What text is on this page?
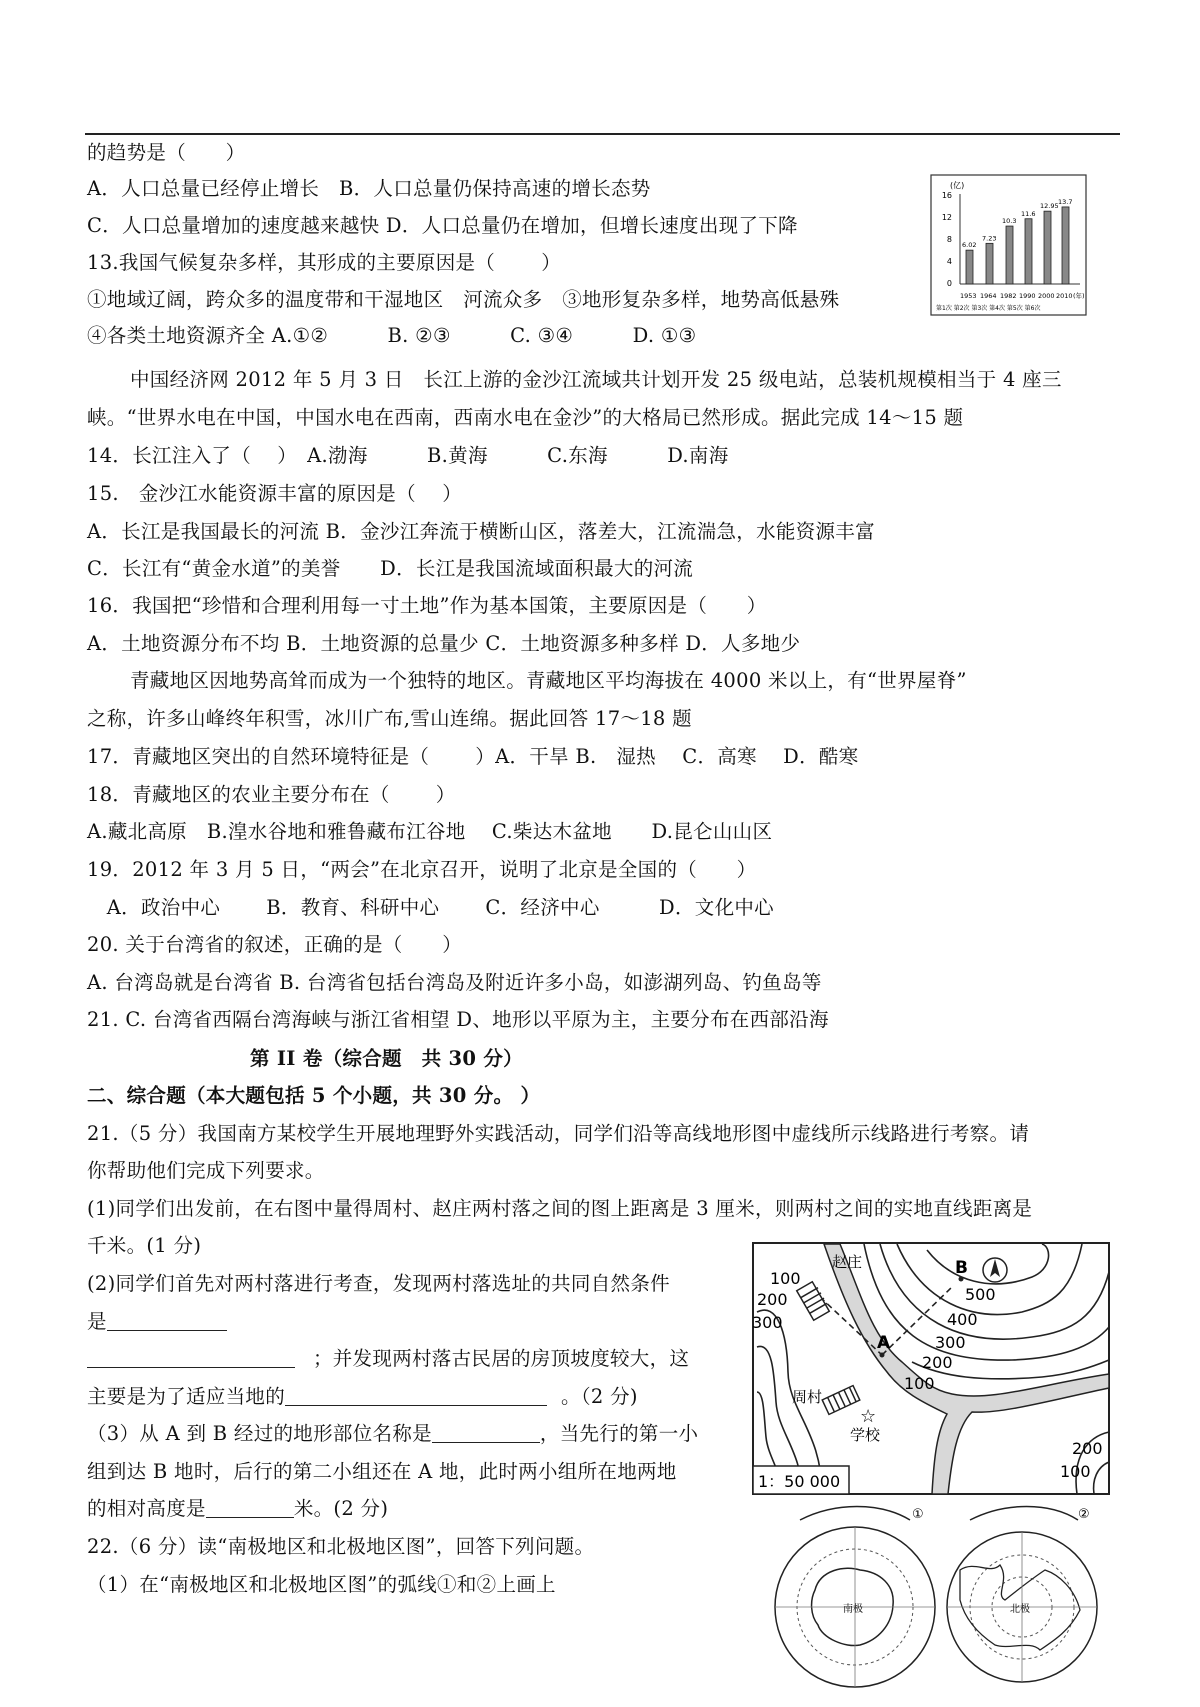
的趋势是（　　）
A．人口总量已经停止增长　B．人口总量仍保持高速的增长态势
C．人口总量增加的速度越来越快 D．人口总量仍在增加，但增长速度出现了下降
13.我国气候复杂多样，其形成的主要原因是（　　 ）
①地域辽阔，跨众多的温度带和干湿地区　河流众多　③地形复杂多样，地势高低悬殊
④各类土地资源齐全 A.①②　　　B. ②③　　　C. ③④　　　D. ①③
中国经济网 2012 年 5 月 3 日　长江上游的金沙江流域共计划开发 25 级电站，总装机规模相当于 4 座三
峡。“世界水电在中国，中国水电在西南，西南水电在金沙”的大格局已然形成。据此完成 14～15 题
14．长江注入了（　 ）　A.渤海　　　B.黄海　　　C.东海　　　D.南海
15.　金沙江水能资源丰富的原因是（　 ）
A．长江是我国最长的河流 B．金沙江奔流于横断山区，落差大，江流湍急，水能资源丰富
C．长江有“黄金水道”的美誉　　D．长江是我国流域面积最大的河流
16．我国把“珍惜和合理利用每一寸土地”作为基本国策，主要原因是（　　）
A．土地资源分布不均 B．土地资源的总量少 C．土地资源多种多样 D．人多地少
青藏地区因地势高耸而成为一个独特的地区。青藏地区平均海拔在 4000 米以上，有“世界屋脊”
之称，许多山峰终年积雪，冰川广布,雪山连绵。据此回答 17～18 题
17．青藏地区突出的自然环境特征是（　　 ）A．干旱 B.　湿热　 C．高寒　 D．酷寒
18．青藏地区的农业主要分布在（　　 ）
A.藏北高原　B.湟水谷地和雅鲁藏布江谷地　 C.柴达木盆地　　D.昆仑山山区
19．2012 年 3 月 5 日，“两会”在北京召开，说明了北京是全国的（　　）
　A．政治中心　　 B．教育、科研中心　　 C．经济中心　　　D．文化中心
20. 关于台湾省的叙述，正确的是（　　）
A. 台湾岛就是台湾省 B. 台湾省包括台湾岛及附近许多小岛，如澎湖列岛、钓鱼岛等
21. C. 台湾省西隔台湾海峡与浙江省相望 D、地形以平原为主，主要分布在西部沿海
第 II 卷（综合题　共 30 分）
二、综合题（本大题包括 5 个小题，共 30 分。 ）
21.（5 分）我国南方某校学生开展地理野外实践活动，同学们沿等高线地形图中虚线所示线路进行考察。请
你帮助他们完成下列要求。
(1)同学们出发前，在右图中量得周村、赵庄两村落之间的图上距离是 3 厘米，则两村之间的实地直线距离是
千米。(1 分)
(2)同学们首先对两村落进行考查，发现两村落选址的共同自然条件
是
；并发现两村落古民居的房顶坡度较大，这
主要是为了适应当地的	。（2 分)
（3）从 A 到 B 经过的地形部位名称是	，当先行的第一小
组到达 B 地时，后行的第二小组还在 A 地，此时两小组所在地两地
的相对高度是	米。(2 分)
22.（6 分）读“南极地区和北极地区图”，回答下列问题。
（1）在“南极地区和北极地区图”的弧线①和②上画上
(亿)
16
12
8
4
0
6.02
7.23
10.3
11.6
12.95
13.7
1953 1964 1982 1990 2000 2010 (年)
第1次 第2次 第3次 第4次 第5次 第6次
☆
100
200
300
500
400
300
200
100
200
100
赵庄
周村
学校
A
B
1：50 000
①
南极
②
北极
